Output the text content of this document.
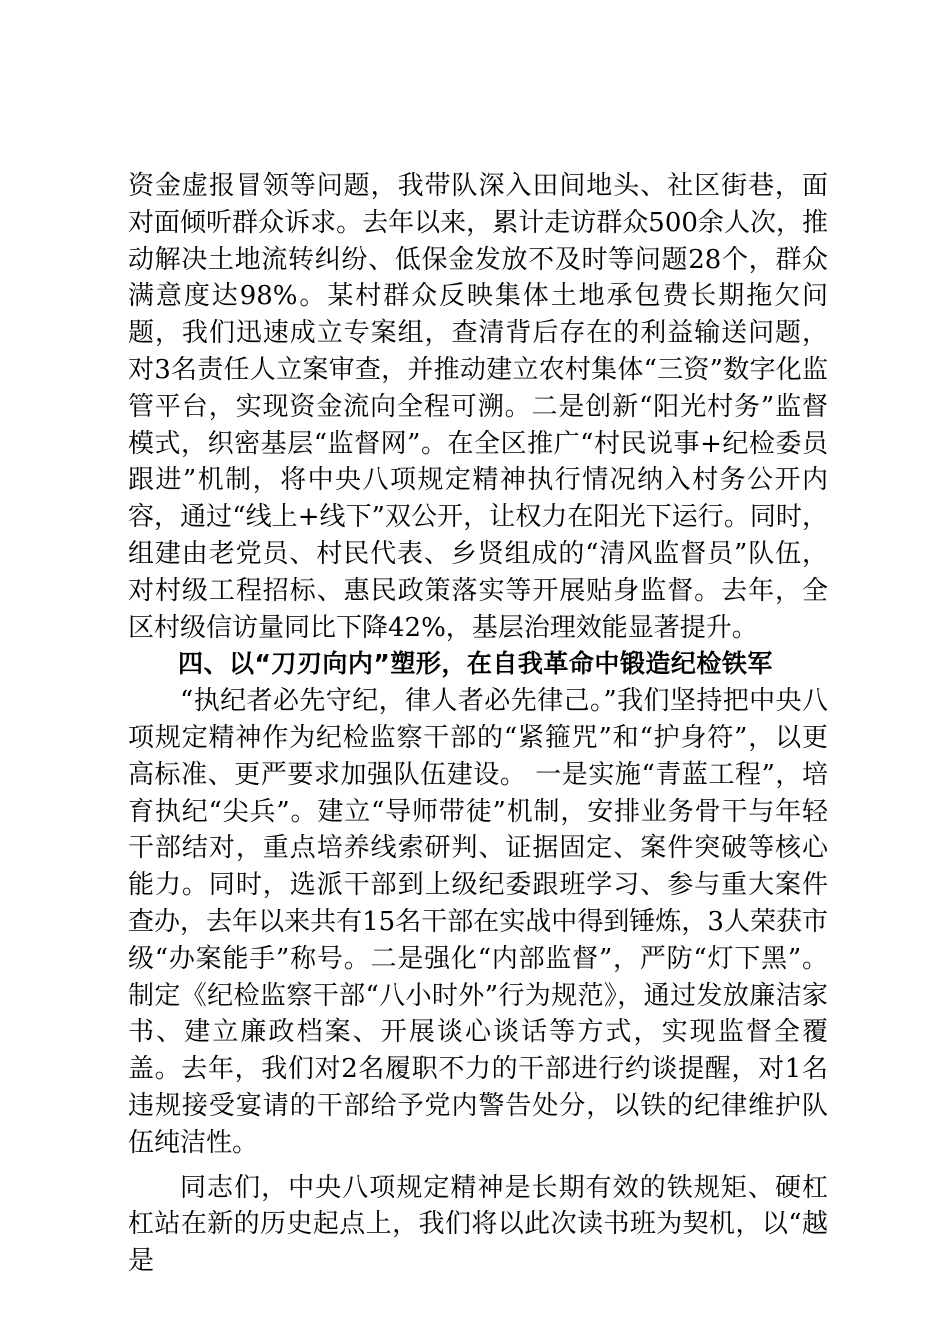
资金虚报冒领等问题，我带队深入田间地头、社区街巷，面对面倾听群众诉求。去年以来，累计走访群众500余人次，推动解决土地流转纠纷、低保金发放不及时等问题28个，群众满意度达98%。某村群众反映集体土地承包费长期拖欠问题，我们迅速成立专案组，查清背后存在的利益输送问题，对3名责任人立案审查，并推动建立农村集体“三资”数字化监管平台，实现资金流向全程可溯。二是创新“阳光村务”监督模式，织密基层“监督网”。在全区推广“村民说事+纪检委员跟进”机制，将中央八项规定精神执行情况纳入村务公开内容，通过“线上+线下”双公开，让权力在阳光下运行。同时，组建由老党员、村民代表、乡贤组成的“清风监督员”队伍，对村级工程招标、惠民政策落实等开展贴身监督。去年，全区村级信访量同比下降42%，基层治理效能显著提升。

四、以“刀刃向内”塑形，在自我革命中锻造纪检铁军

“执纪者必先守纪，律人者必先律己。”我们坚持把中央八项规定精神作为纪检监察干部的“紧箍咒”和“护身符”，以更高标准、更严要求加强队伍建设。 一是实施“青蓝工程”，培育执纪“尖兵”。建立“导师带徒”机制，安排业务骨干与年轻干部结对，重点培养线索研判、证据固定、案件突破等核心能力。同时，选派干部到上级纪委跟班学习、参与重大案件查办，去年以来共有15名干部在实战中得到锤炼，3人荣获市级“办案能手”称号。二是强化“内部监督”，严防“灯下黑”。制定《纪检监察干部“八小时外”行为规范》，通过发放廉洁家书、建立廉政档案、开展谈心谈话等方式，实现监督全覆盖。去年，我们对2名履职不力的干部进行约谈提醒，对1名违规接受宴请的干部给予党内警告处分，以铁的纪律维护队伍纯洁性。

同志们，中央八项规定精神是长期有效的铁规矩、硬杠杠站在新的历史起点上，我们将以此次读书班为契机，以“越是
